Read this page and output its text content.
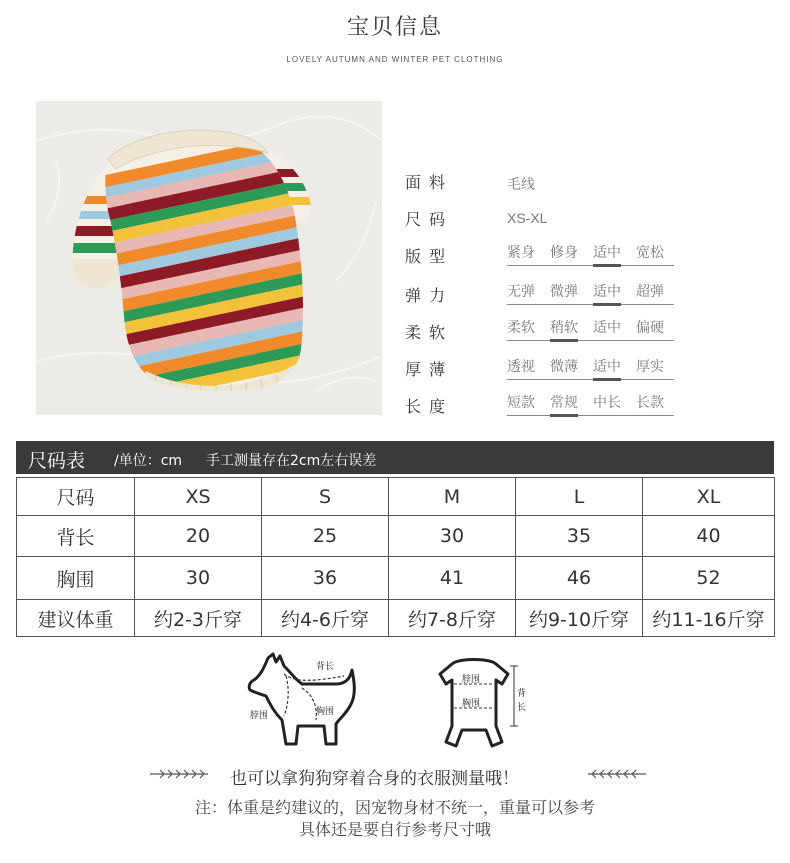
宝贝信息
LOVELY AUTUMN AND WINTER PET CLOTHING
面料	毛线
尺码	XS-XL
版型	紧身 修身 适中 宽松
弹力	无弹 微弹 适中 超弹
柔软	柔软 稍软 适中 偏硬
厚薄	透视 微薄 适中 厚实
长度	短款 常规 中长 长款
尺码表 /单位：cm 手工测量存在2cm左右误差
尺码	XS	S	M	L	XL
背长	20	25	30	35	40
胸围	30	36	41	46	52
建议体重	约2-3斤穿	约4-6斤穿	约7-8斤穿	约9-10斤穿	约11-16斤穿
背长
脖围	胸围
脖围
胸围
背
长
也可以拿狗狗穿着合身的衣服测量哦！
注：体重是约建议的，因宠物身材不统一，重量可以参考
具体还是要自行参考尺寸哦
